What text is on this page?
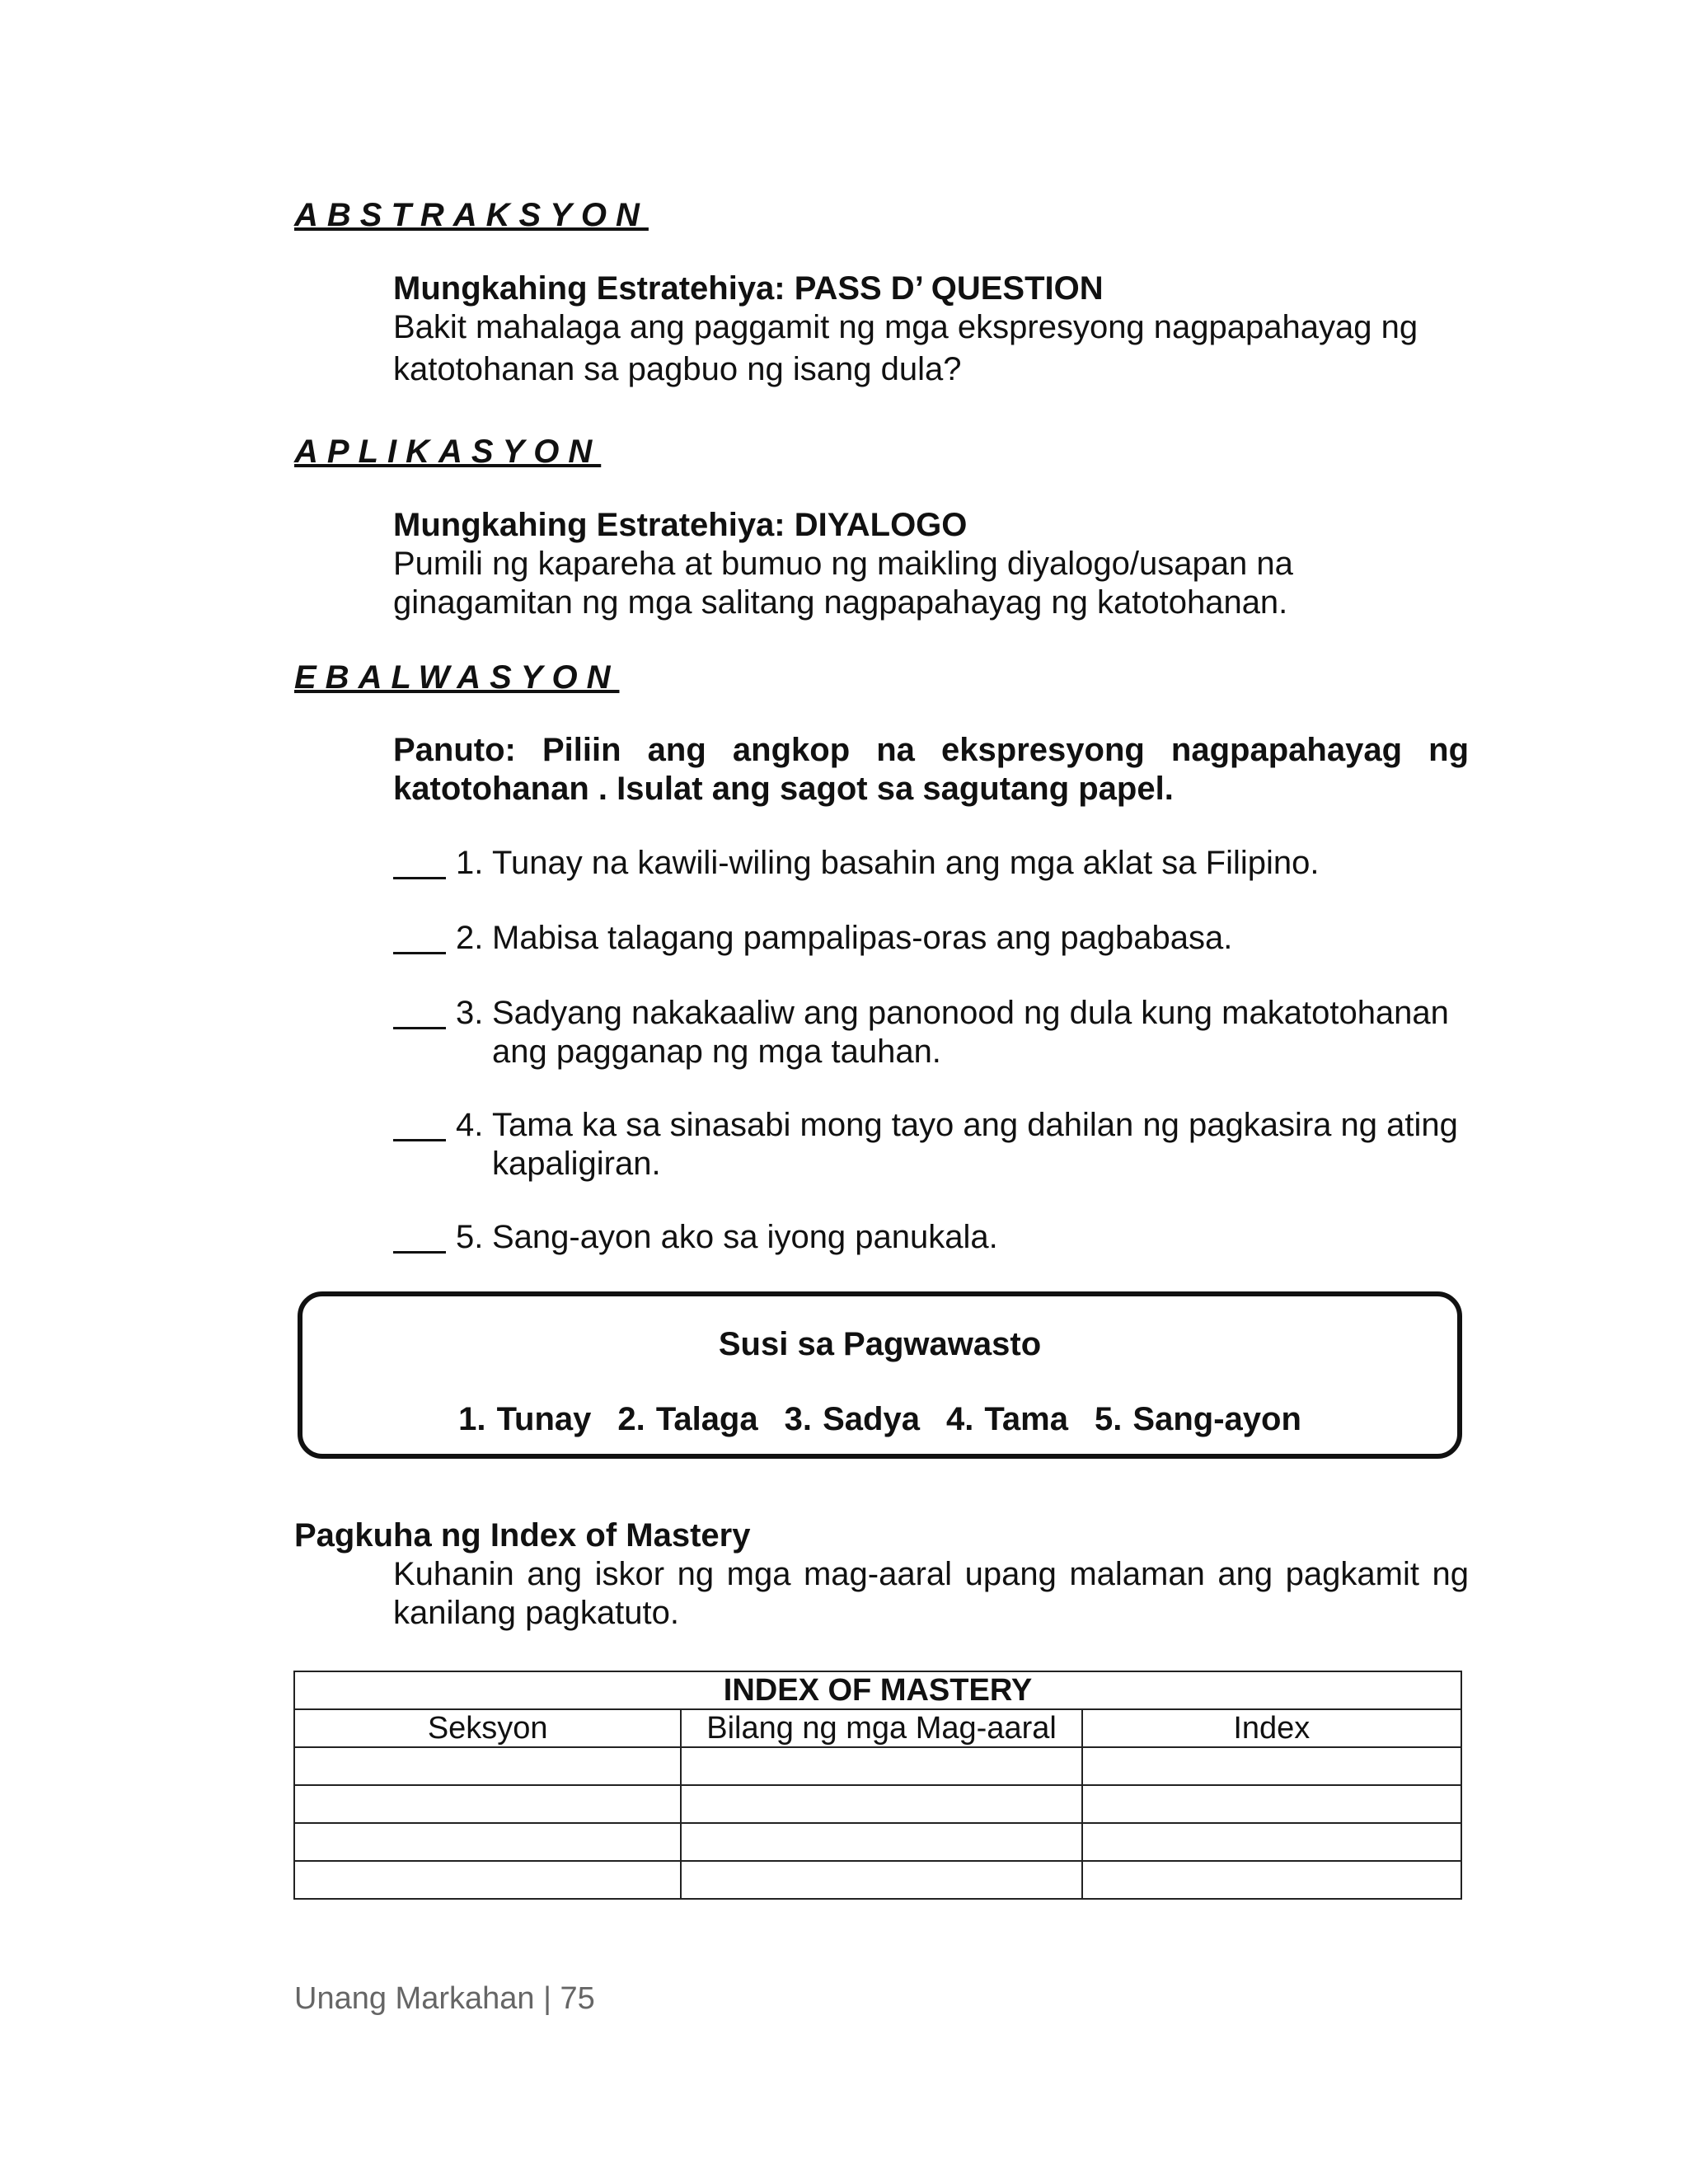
ABSTRAKSYON
Mungkahing Estratehiya: PASS D’ QUESTION
Bakit mahalaga ang paggamit ng mga ekspresyong nagpapahayag ng
katotohanan sa pagbuo ng isang dula?
APLIKASYON
Mungkahing Estratehiya: DIYALOGO
Pumili ng kapareha at bumuo ng maikling diyalogo/usapan na
ginagamitan ng mga salitang nagpapahayag ng katotohanan.
EBALWASYON
Panuto: Piliin ang angkop na ekspresyong nagpapahayag ng katotohanan . Isulat ang sagot sa sagutang papel.
1. Tunay na kawili-wiling basahin ang mga aklat sa Filipino.
2. Mabisa talagang pampalipas-oras ang pagbabasa.
3. Sadyang nakakaaliw ang panonood ng dula kung makatotohanan ang pagganap ng mga tauhan.
4. Tama ka sa sinasabi mong tayo ang dahilan ng pagkasira ng ating kapaligiran.
5. Sang-ayon ako sa iyong panukala.
Susi sa Pagwawasto
1. Tunay 2. Talaga 3. Sadya 4. Tama 5. Sang-ayon
Pagkuha ng Index of Mastery
Kuhanin ang iskor ng mga mag-aaral upang malaman ang pagkamit ng kanilang pagkatuto.
INDEX OF MASTERY		
Seksyon	Bilang ng mga Mag-aaral	Index

Unang Markahan | 75
